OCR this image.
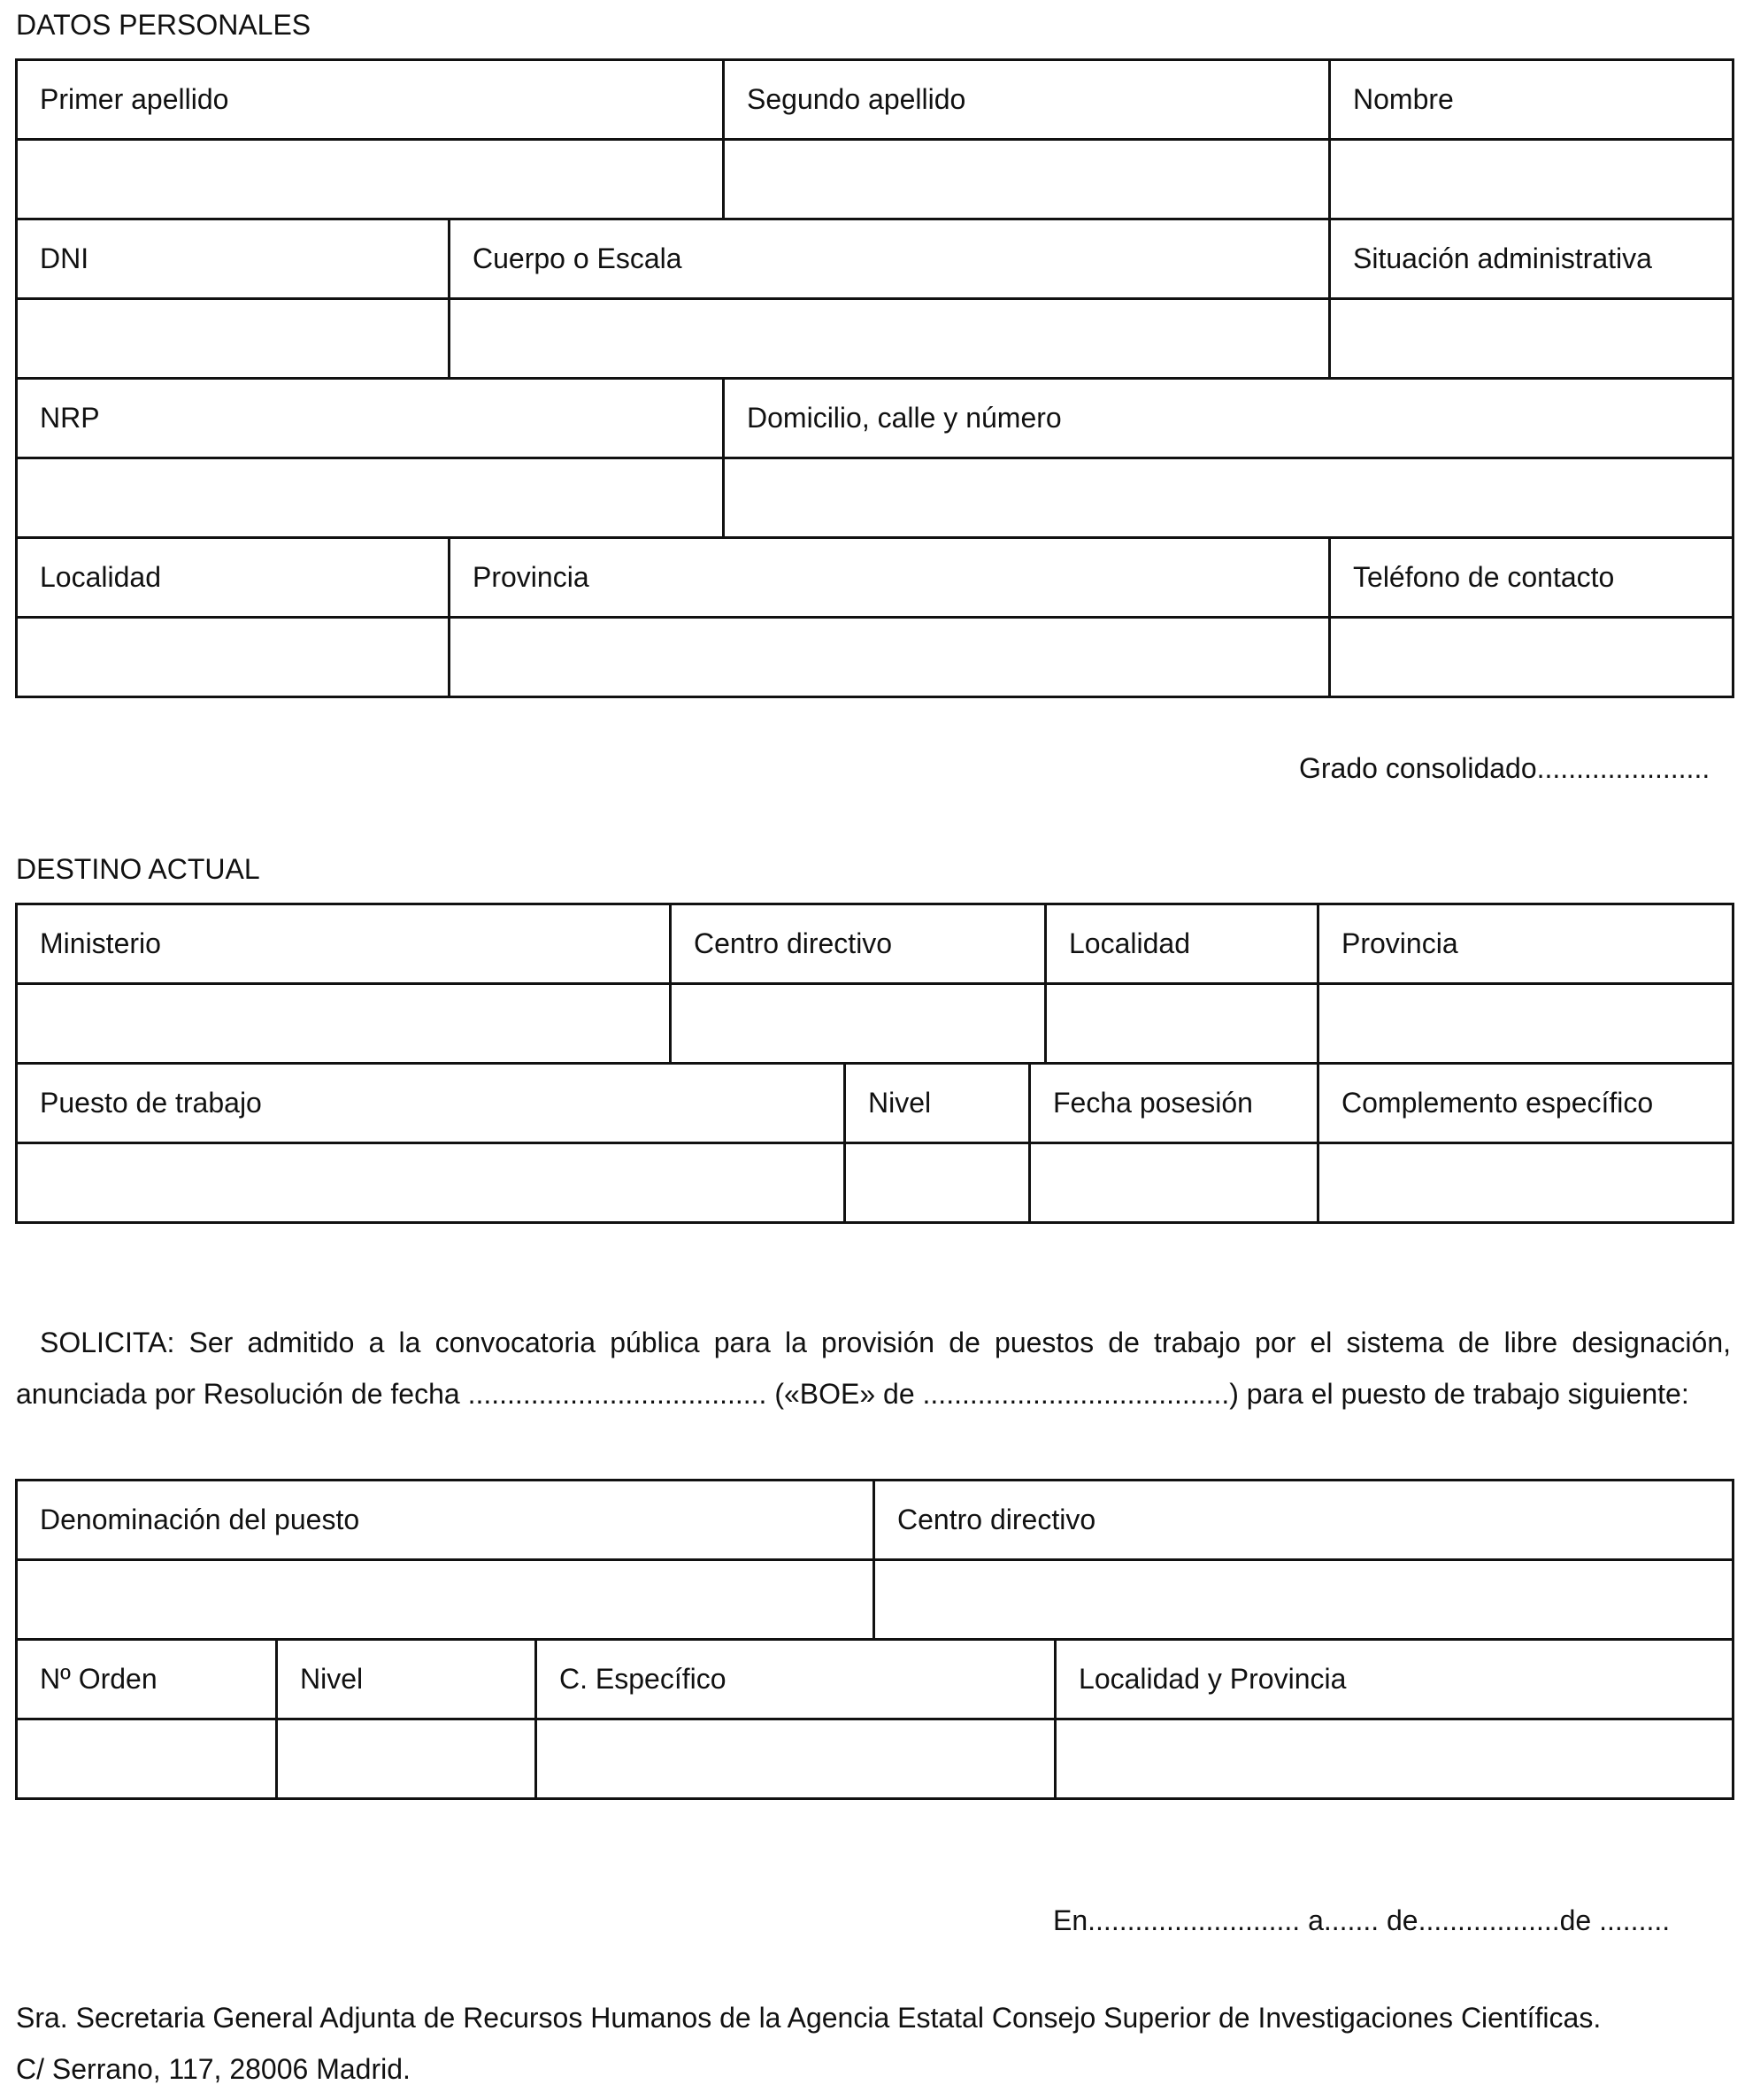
DATOS PERSONALES
Primer apellido		Segundo apellido	Nombre

DNI	Cuerpo o Escala		Situación administrativa

NRP		Domicilio, calle y número	

Localidad	Provincia		Teléfono de contacto

Grado consolidado......................

DESTINO ACTUAL
Ministerio	Centro directivo			Localidad	Provincia

Puesto de trabajo		Nivel	Fecha posesión		Complemento específico

SOLICITA: Ser admitido a la convocatoria pública para la provisión de puestos de trabajo por el sistema de libre designación, anunciada por Resolución de fecha ...................................... («BOE» de .......................................) para el puesto de trabajo siguiente:

Denominación del puesto			Centro directivo	

Nº Orden	Nivel	C. Específico		Localidad y Provincia

En........................... a....... de..................de .........

Sra. Secretaria General Adjunta de Recursos Humanos de la Agencia Estatal Consejo Superior de Investigaciones Científicas.

C/ Serrano, 117, 28006 Madrid.
